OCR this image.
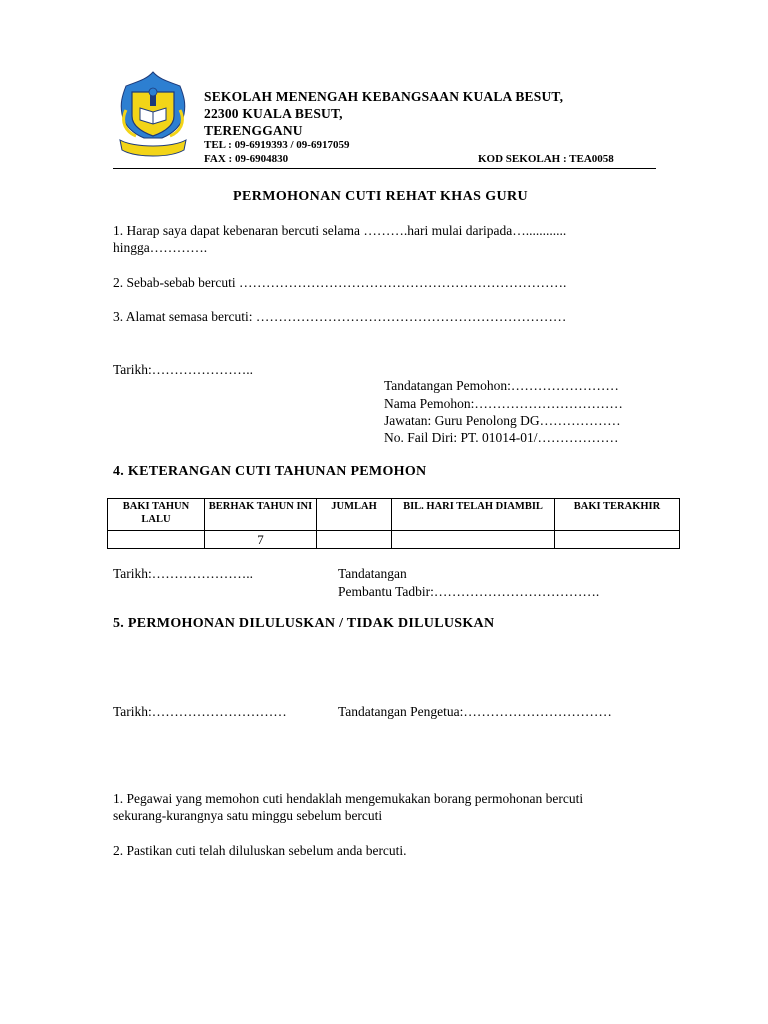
SEKOLAH MENENGAH KEBANGSAAN KUALA BESUT,
22300 KUALA BESUT,
TERENGGANU
TEL : 09-6919393 / 09-6917059
FAX : 09-6904830	KOD SEKOLAH : TEA0058
PERMOHONAN CUTI REHAT KHAS GURU
1. Harap saya dapat kebenaran bercuti selama ……….hari mulai daripada…............
hingga………….
2. Sebab-sebab bercuti ……………………………………………………………….
3. Alamat semasa bercuti: ……………………………………………………………
Tarikh:…………………..
Tandatangan Pemohon:……………………
Nama Pemohon:……………………………
Jawatan: Guru Penolong DG………………
No. Fail Diri: PT. 01014-01/………………
4. KETERANGAN CUTI TAHUNAN PEMOHON
BAKI TAHUN LALU	BERHAK TAHUN INI	JUMLAH	BIL. HARI TELAH DIAMBIL	BAKI TERAKHIR
	7			
Tarikh:…………………..	Tandatangan
Pembantu Tadbir:……………………………….
5. PERMOHONAN DILULUSKAN / TIDAK DILULUSKAN
Tarikh:…………………………	Tandatangan Pengetua:……………………………
1. Pegawai yang memohon cuti hendaklah mengemukakan borang permohonan bercuti
sekurang-kurangnya satu minggu sebelum bercuti
2. Pastikan cuti telah diluluskan sebelum anda bercuti.
